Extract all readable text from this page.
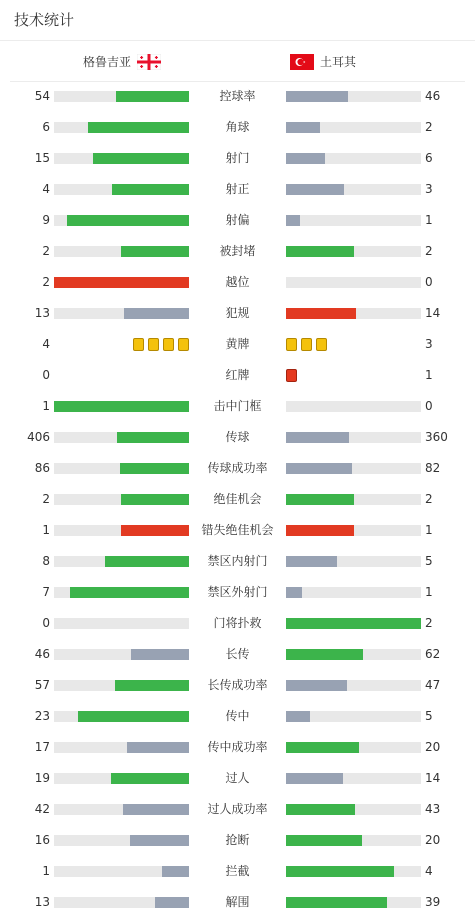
技术统计
格鲁吉亚	土耳其
54	控球率	46
6	角球	2
15	射门	6
4	射正	3
9	射偏	1
2	被封堵	2
2	越位	0
13	犯规	14
4	黄牌	3
0	红牌	1
1	击中门框	0
406	传球	360
86	传球成功率	82
2	绝佳机会	2
1	错失绝佳机会	1
8	禁区内射门	5
7	禁区外射门	1
0	门将扑救	2
46	长传	62
57	长传成功率	47
23	传中	5
17	传中成功率	20
19	过人	14
42	过人成功率	43
16	抢断	20
1	拦截	4
13	解围	39
